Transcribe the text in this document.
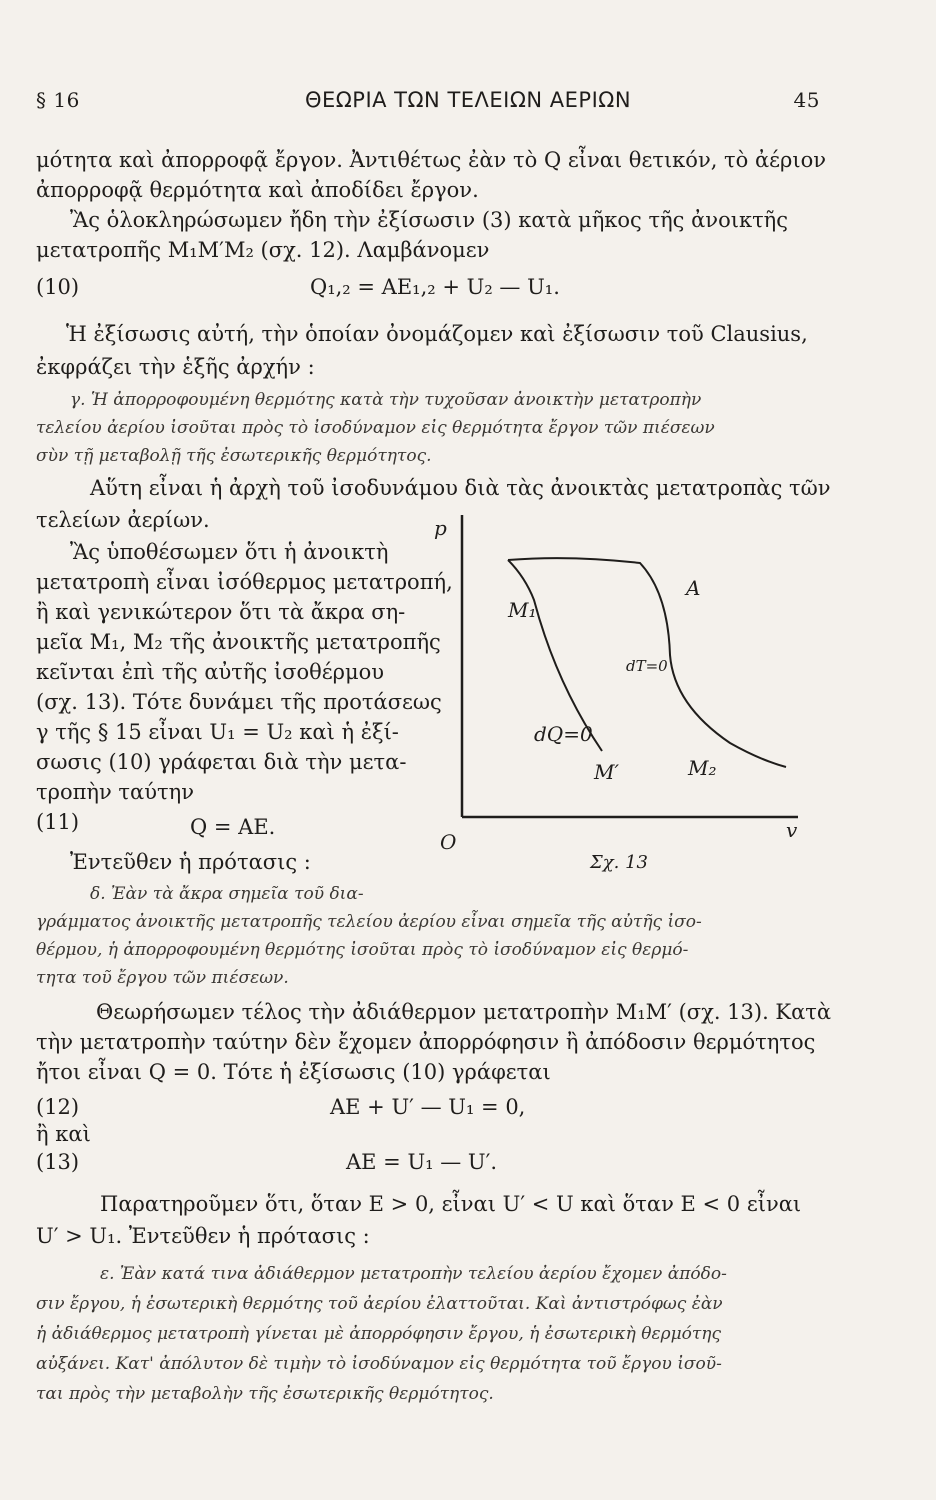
§ 16	ΘΕΩΡΙΑ ΤΩΝ ΤΕΛΕΙΩΝ ΑΕΡΙΩΝ	45
μότητα καὶ ἀπορροφᾷ ἔργον. Ἀντιθέτως ἐὰν τὸ Q εἶναι θετικόν, τὸ ἀέριον
ἀπορροφᾷ θερμότητα καὶ ἀποδίδει ἔργον.
Ἂς ὁλοκληρώσωμεν ἤδη τὴν ἐξίσωσιν (3) κατὰ μῆκος τῆς ἀνοικτῆς
μετατροπῆς M₁M′M₂ (σχ. 12). Λαμβάνομεν
(10)	Q₁,₂ = AE₁,₂ + U₂ — U₁.
Ἡ ἐξίσωσις αὐτή, τὴν ὁποίαν ὀνομάζομεν καὶ ἐξίσωσιν τοῦ Clausius,
ἐκφράζει τὴν ἑξῆς ἀρχήν :
γ. Ἡ ἀπορροφουμένη θερμότης κατὰ τὴν τυχοῦσαν ἀνοικτὴν μετατροπὴν
τελείου ἀερίου ἰσοῦται πρὸς τὸ ἰσοδύναμον εἰς θερμότητα ἔργον τῶν πιέσεων
σὺν τῇ μεταβολῇ τῆς ἐσωτερικῆς θερμότητος.
Αὕτη εἶναι ἡ ἀρχὴ τοῦ ἰσοδυνάμου διὰ τὰς ἀνοικτὰς μετατροπὰς τῶν
τελείων ἀερίων.
Ἂς ὑποθέσωμεν ὅτι ἡ ἀνοικτὴ
μετατροπὴ εἶναι ἰσόθερμος μετατροπή,
ἢ καὶ γενικώτερον ὅτι τὰ ἄκρα ση-
μεῖα M₁, M₂ τῆς ἀνοικτῆς μετατροπῆς
κεῖνται ἐπὶ τῆς αὐτῆς ἰσοθέρμου
(σχ. 13). Τότε δυνάμει τῆς προτάσεως
γ τῆς § 15 εἶναι U₁ = U₂ καὶ ἡ ἐξί-
σωσις (10) γράφεται διὰ τὴν μετα-
τροπὴν ταύτην
(11)	Q = AE.
Ἐντεῦθεν ἡ πρότασις :
p
v
O
M₁
A
dT=0
dQ=0
M′	M₂
Σχ. 13
δ. Ἐὰν τὰ ἄκρα σημεῖα τοῦ δια-
γράμματος ἀνοικτῆς μετατροπῆς τελείου ἀερίου εἶναι σημεῖα τῆς αὐτῆς ἰσο-
θέρμου, ἡ ἀπορροφουμένη θερμότης ἰσοῦται πρὸς τὸ ἰσοδύναμον εἰς θερμό-
τητα τοῦ ἔργου τῶν πιέσεων.
Θεωρήσωμεν τέλος τὴν ἀδιάθερμον μετατροπὴν M₁M′ (σχ. 13). Κατὰ
τὴν μετατροπὴν ταύτην δὲν ἔχομεν ἀπορρόφησιν ἢ ἀπόδοσιν θερμότητος
ἤτοι εἶναι Q = 0. Τότε ἡ ἐξίσωσις (10) γράφεται
(12)	AE + U′ — U₁ = 0,
ἢ καὶ
(13)	AE = U₁ — U′.
Παρατηροῦμεν ὅτι, ὅταν E > 0, εἶναι U′ < U καὶ ὅταν E < 0 εἶναι
U′ > U₁. Ἐντεῦθεν ἡ πρότασις :
ε. Ἐὰν κατά τινα ἀδιάθερμον μετατροπὴν τελείου ἀερίου ἔχομεν ἀπόδο-
σιν ἔργου, ἡ ἐσωτερικὴ θερμότης τοῦ ἀερίου ἐλαττοῦται. Καὶ ἀντιστρόφως ἐὰν
ἡ ἀδιάθερμος μετατροπὴ γίνεται μὲ ἀπορρόφησιν ἔργου, ἡ ἐσωτερικὴ θερμότης
αὐξάνει. Κατ' ἀπόλυτον δὲ τιμὴν τὸ ἰσοδύναμον εἰς θερμότητα τοῦ ἔργου ἰσοῦ-
ται πρὸς τὴν μεταβολὴν τῆς ἐσωτερικῆς θερμότητος.
